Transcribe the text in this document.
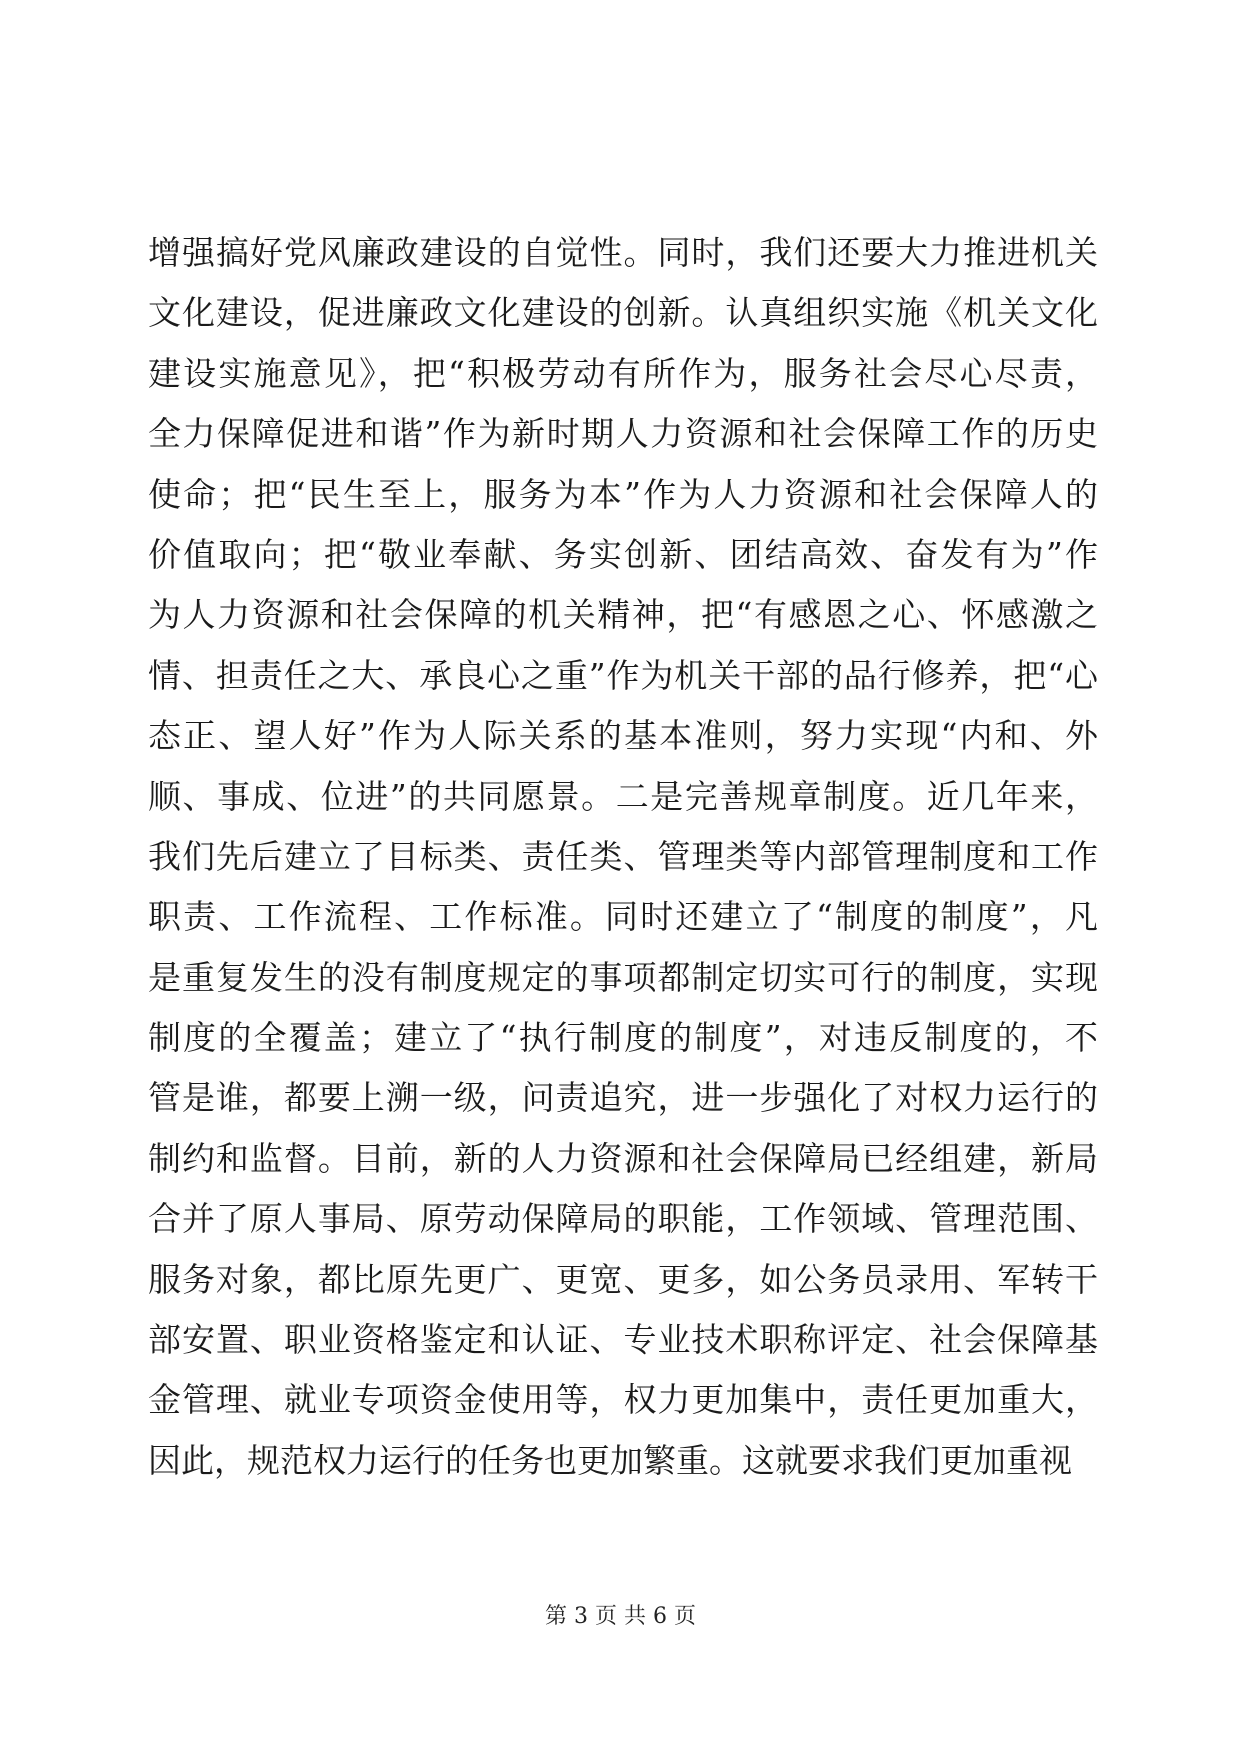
增强搞好党风廉政建设的自觉性。同时，我们还要大力推进机关
文化建设，促进廉政文化建设的创新。认真组织实施《机关文化
建设实施意见》，把“积极劳动有所作为，服务社会尽心尽责，
全力保障促进和谐”作为新时期人力资源和社会保障工作的历史
使命；把“民生至上，服务为本”作为人力资源和社会保障人的
价值取向；把“敬业奉献、务实创新、团结高效、奋发有为”作
为人力资源和社会保障的机关精神，把“有感恩之心、怀感激之
情、担责任之大、承良心之重”作为机关干部的品行修养，把“心
态正、望人好”作为人际关系的基本准则，努力实现“内和、外
顺、事成、位进”的共同愿景。二是完善规章制度。近几年来，
我们先后建立了目标类、责任类、管理类等内部管理制度和工作
职责、工作流程、工作标准。同时还建立了“制度的制度”，凡
是重复发生的没有制度规定的事项都制定切实可行的制度，实现
制度的全覆盖；建立了“执行制度的制度”，对违反制度的，不
管是谁，都要上溯一级，问责追究，进一步强化了对权力运行的
制约和监督。目前，新的人力资源和社会保障局已经组建，新局
合并了原人事局、原劳动保障局的职能，工作领域、管理范围、
服务对象，都比原先更广、更宽、更多，如公务员录用、军转干
部安置、职业资格鉴定和认证、专业技术职称评定、社会保障基
金管理、就业专项资金使用等，权力更加集中，责任更加重大，
因此，规范权力运行的任务也更加繁重。这就要求我们更加重视
第 3 页 共 6 页
